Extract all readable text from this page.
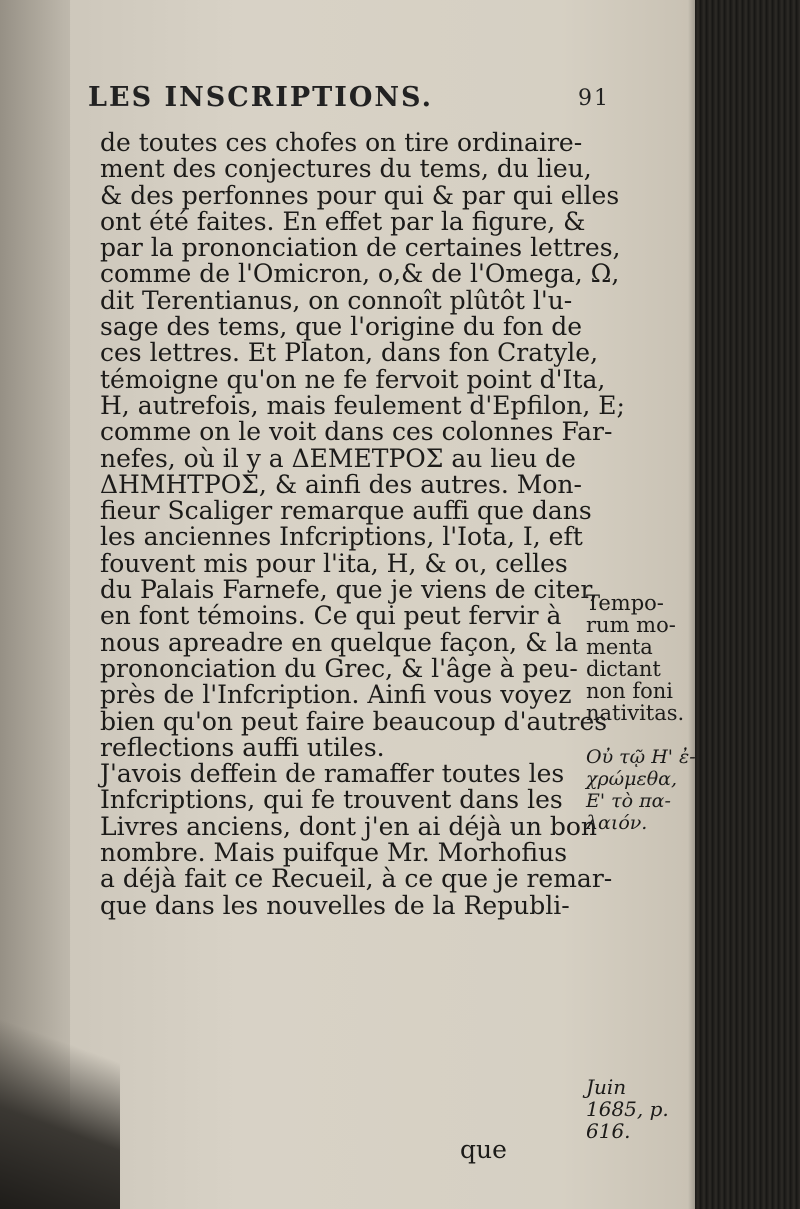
LES INSCRIPTIONS.	91
de toutes ces chofes on tire ordinaire-
ment des conjectures du tems, du lieu,
& des perfonnes pour qui & par qui elles
ont été faites. En effet par la figure, &
par la prononciation de certaines lettres,
comme de l'Omicron, o,& de l'Omega, Ω,
dit Terentianus, on connoît plûtôt l'u-
sage des tems, que l'origine du fon de
ces lettres. Et Platon, dans fon Cratyle,
témoigne qu'on ne fe fervoit point d'Ita,
H, autrefois, mais feulement d'Epfilon, E;
comme on le voit dans ces colonnes Far-
nefes, où il y a ΔΕΜΕΤΡΟΣ au lieu de
ΔΗΜΗΤΡΟΣ, & ainfi des autres. Mon-
fieur Scaliger remarque auffi que dans
les anciennes Infcriptions, l'Iota, I, eft
fouvent mis pour l'ita, H, & οι, celles
du Palais Farnefe, que je viens de citer,
en font témoins. Ce qui peut fervir à
nous apreadre en quelque façon, & la
prononciation du Grec, & l'âge à peu-
près de l'Infcription. Ainfi vous voyez
bien qu'on peut faire beaucoup d'autres
reflections auffi utiles.
J'avois deffein de ramaffer toutes les
Infcriptions, qui fe trouvent dans les
Livres anciens, dont j'en ai déjà un bon
nombre. Mais puifque Mr. Morhofius
a déjà fait ce Recueil, à ce que je remar-
que dans les nouvelles de la Republi-
Tempo-
rum mo-
menta
dictant
non foni
nativitas.
Οὐ τῷ Η' ἐ-
χρώμεθα,
Ε' τὸ πα-
λαιόν.
Juin
1685, p.
616.
que
